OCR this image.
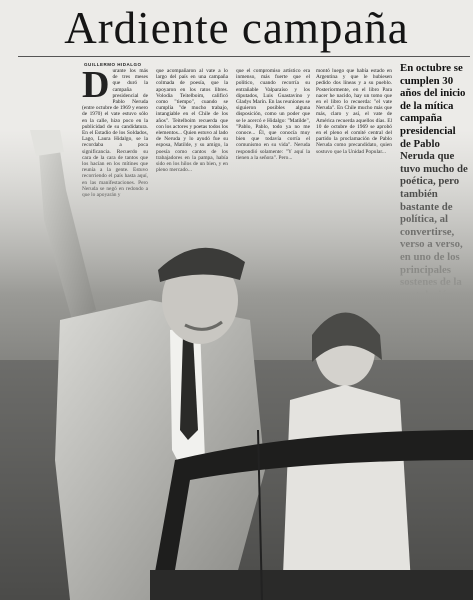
Ardiente campaña
GUILLERMO HIDALGO
D urante los más de tres meses que duró la campaña presidencial de Pablo Neruda (entre octubre de 1969 y enero de 1970) el vate estuvo sólo en la calle, hizo poco en la publicidad de su candidatura.
que acompañaron al vate a lo largo del país en una campaña colmada de poesía, que la apoyaron en los ratos libres. Volodia Teitelboim, calificó como "tiempo", cuando se cumplía "de mucho trabajo, intangiable en el Chile de los años". Teitelboim recuerda que con los actores y poetas todos los
que el compromiso artístico era inmenso, más fuerte que el político, cuando recorría su entrañable Valparaíso y los diputados, Luis Guastavino y Gladys Marín. En las reuniones se siguieron posibles alguna disposición, como un poder que se le acercó e Hidalgo: "Matilde", "Pablo, Pablo, todo ya no me
montó luego que había estado en Argentina y que le hubiesen pedido dos líneas y a su pueblo. Posteriormente, en el libro Para nacer he nacido, hay un tomo que en el libro lo recuerda: "el vate Neruda". En Chile mucho más que más, claro y así, el vate de América recuerda aquellos días. El 10 de octubre de 1969 se aprobó

En octubre se cumplen 30 años del inicio de la mítica campaña
